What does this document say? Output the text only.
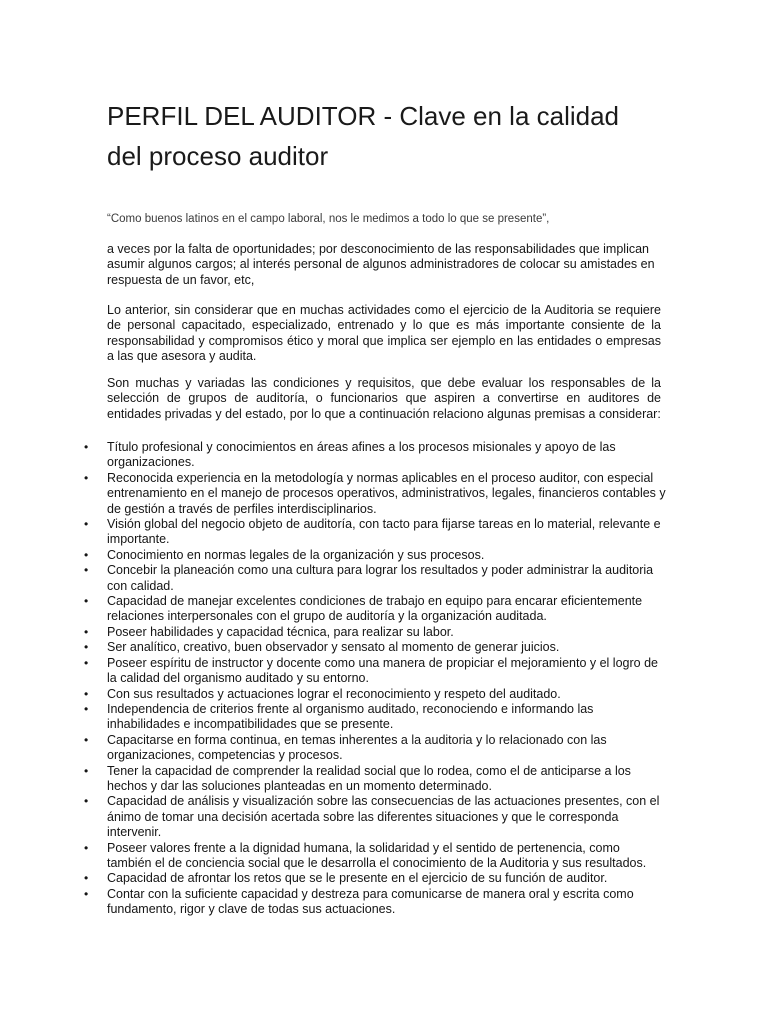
PERFIL DEL AUDITOR - Clave en la calidad del proceso auditor

“Como buenos latinos en el campo laboral, nos le medimos a todo lo que se presente”,

a veces por la falta de oportunidades; por desconocimiento de las responsabilidades que implican asumir algunos cargos; al interés personal de algunos administradores de colocar su amistades en respuesta de un favor, etc,

Lo anterior, sin considerar que en muchas actividades como el ejercicio de la Auditoria se requiere de personal capacitado, especializado, entrenado y lo que es más importante consiente de la responsabilidad y compromisos ético y moral que implica ser ejemplo en las entidades o empresas a las que asesora y audita.

Son muchas y variadas las condiciones y requisitos, que debe evaluar los responsables de la selección de grupos de auditoría, o funcionarios que aspiren a convertirse en auditores de entidades privadas y del estado, por lo que a continuación relaciono algunas premisas a considerar:

• Título profesional y conocimientos en áreas afines a los procesos misionales y apoyo de las organizaciones.
• Reconocida experiencia en la metodología y normas aplicables en el proceso auditor, con especial entrenamiento en el manejo de procesos operativos, administrativos, legales, financieros contables y de gestión a través de perfiles interdisciplinarios.
• Visión global del negocio objeto de auditoría, con tacto para fijarse tareas en lo material, relevante e importante.
• Conocimiento en normas legales de la organización y sus procesos.
• Concebir la planeación como una cultura para lograr los resultados y poder administrar la auditoria con calidad.
• Capacidad de manejar excelentes condiciones de trabajo en equipo para encarar eficientemente relaciones interpersonales con el grupo de auditoría y la organización auditada.
• Poseer habilidades y capacidad técnica, para realizar su labor.
• Ser analítico, creativo, buen observador y sensato al momento de generar juicios.
• Poseer espíritu de instructor y docente como una manera de propiciar el mejoramiento y el logro de la calidad del organismo auditado y su entorno.
• Con sus resultados y actuaciones lograr el reconocimiento y respeto del auditado.
• Independencia de criterios frente al organismo auditado, reconociendo e informando las inhabilidades e incompatibilidades que se presente.
• Capacitarse en forma continua, en temas inherentes a la auditoria y lo relacionado con las organizaciones, competencias y procesos.
• Tener la capacidad de comprender la realidad social que lo rodea, como el de anticiparse a los hechos y dar las soluciones planteadas en un momento determinado.
• Capacidad de análisis y visualización sobre las consecuencias de las actuaciones presentes, con el ánimo de tomar una decisión acertada sobre las diferentes situaciones y que le corresponda intervenir.
• Poseer valores frente a la dignidad humana, la solidaridad y el sentido de pertenencia, como también el de conciencia social que le desarrolla el conocimiento de la Auditoria y sus resultados.
• Capacidad de afrontar los retos que se le presente en el ejercicio de su función de auditor.
• Contar con la suficiente capacidad y destreza para comunicarse de manera oral y escrita como fundamento, rigor y clave de todas sus actuaciones.
